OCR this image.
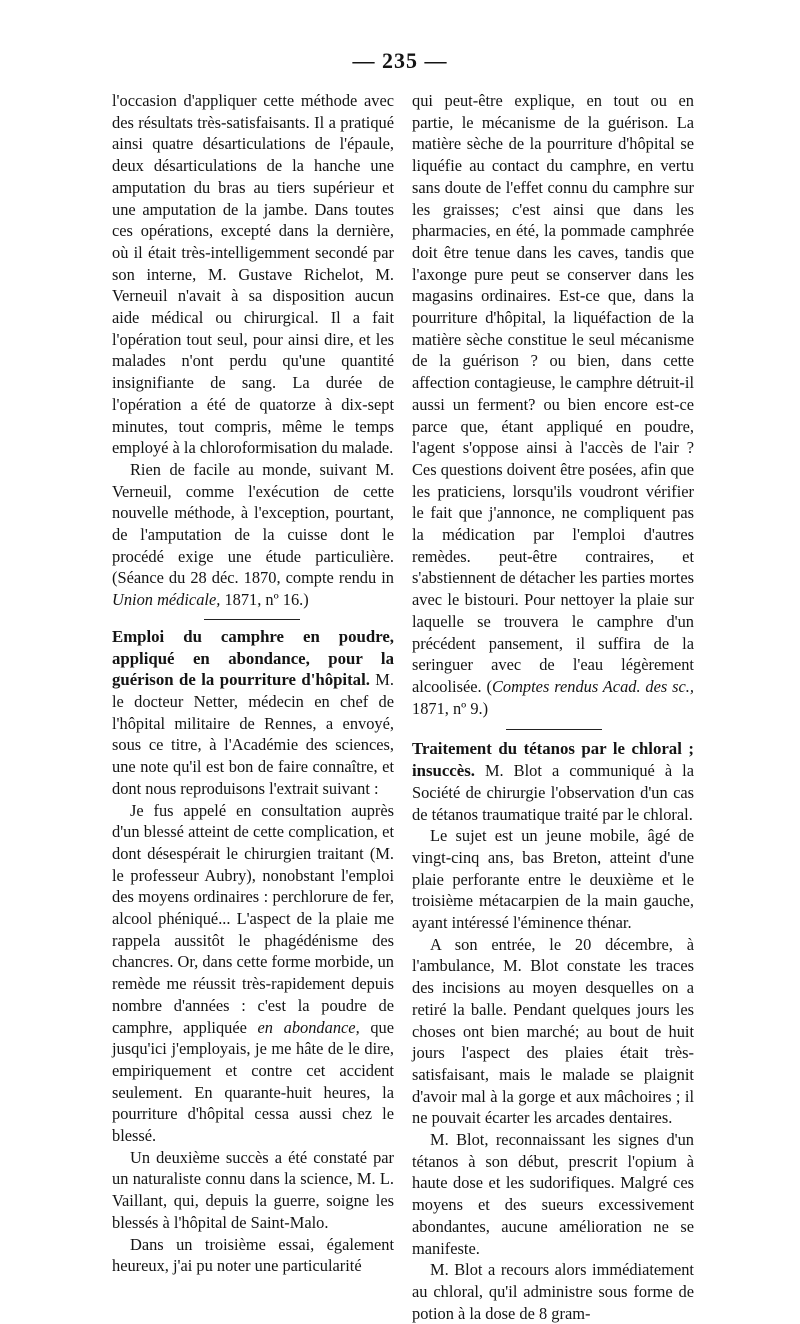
— 235 —

l'occasion d'appliquer cette méthode avec des résultats très-satisfaisants. Il a pratiqué ainsi quatre désarticulations de l'épaule, deux désarticulations de la hanche une amputation du bras au tiers supérieur et une amputation de la jambe. Dans toutes ces opérations, excepté dans la dernière, où il était très-intelligemment secondé par son interne, M. Gustave Richelot, M. Verneuil n'avait à sa disposition aucun aide médical ou chirurgical. Il a fait l'opération tout seul, pour ainsi dire, et les malades n'ont perdu qu'une quantité insignifiante de sang. La durée de l'opération a été de quatorze à dix-sept minutes, tout compris, même le temps employé à la chloroformisation du malade.

Rien de facile au monde, suivant M. Verneuil, comme l'exécution de cette nouvelle méthode, à l'exception, pourtant, de l'amputation de la cuisse dont le procédé exige une étude particulière. (Séance du 28 déc. 1870, compte rendu in Union médicale, 1871, nº 16.)

Emploi du camphre en poudre, appliqué en abondance, pour la guérison de la pourriture d'hôpital. M. le docteur Netter, médecin en chef de l'hôpital militaire de Rennes, a envoyé, sous ce titre, à l'Académie des sciences, une note qu'il est bon de faire connaître, et dont nous reproduisons l'extrait suivant :

Je fus appelé en consultation auprès d'un blessé atteint de cette complication, et dont désespérait le chirurgien traitant (M. le professeur Aubry), nonobstant l'emploi des moyens ordinaires : perchlorure de fer, alcool phéniqué... L'aspect de la plaie me rappela aussitôt le phagédénisme des chancres. Or, dans cette forme morbide, un remède me réussit très-rapidement depuis nombre d'années : c'est la poudre de camphre, appliquée en abondance, que jusqu'ici j'employais, je me hâte de le dire, empiriquement et contre cet accident seulement. En quarante-huit heures, la pourriture d'hôpital cessa aussi chez le blessé.

Un deuxième succès a été constaté par un naturaliste connu dans la science, M. L. Vaillant, qui, depuis la guerre, soigne les blessés à l'hôpital de Saint-Malo.

Dans un troisième essai, également heureux, j'ai pu noter une particularité

qui peut-être explique, en tout ou en partie, le mécanisme de la guérison. La matière sèche de la pourriture d'hôpital se liquéfie au contact du camphre, en vertu sans doute de l'effet connu du camphre sur les graisses; c'est ainsi que dans les pharmacies, en été, la pommade camphrée doit être tenue dans les caves, tandis que l'axonge pure peut se conserver dans les magasins ordinaires. Est-ce que, dans la pourriture d'hôpital, la liquéfaction de la matière sèche constitue le seul mécanisme de la guérison ? ou bien, dans cette affection contagieuse, le camphre détruit-il aussi un ferment? ou bien encore est-ce parce que, étant appliqué en poudre, l'agent s'oppose ainsi à l'accès de l'air ? Ces questions doivent être posées, afin que les praticiens, lorsqu'ils voudront vérifier le fait que j'annonce, ne compliquent pas la médication par l'emploi d'autres remèdes. peut-être contraires, et s'abstiennent de détacher les parties mortes avec le bistouri. Pour nettoyer la plaie sur laquelle se trouvera le camphre d'un précédent pansement, il suffira de la seringuer avec de l'eau légèrement alcoolisée. (Comptes rendus Acad. des sc., 1871, nº 9.)

Traitement du tétanos par le chloral ; insuccès. M. Blot a communiqué à la Société de chirurgie l'observation d'un cas de tétanos traumatique traité par le chloral.

Le sujet est un jeune mobile, âgé de vingt-cinq ans, bas Breton, atteint d'une plaie perforante entre le deuxième et le troisième métacarpien de la main gauche, ayant intéressé l'éminence thénar.

A son entrée, le 20 décembre, à l'ambulance, M. Blot constate les traces des incisions au moyen desquelles on a retiré la balle. Pendant quelques jours les choses ont bien marché; au bout de huit jours l'aspect des plaies était très-satisfaisant, mais le malade se plaignit d'avoir mal à la gorge et aux mâchoires ; il ne pouvait écarter les arcades dentaires.

M. Blot, reconnaissant les signes d'un tétanos à son début, prescrit l'opium à haute dose et les sudorifiques. Malgré ces moyens et des sueurs excessivement abondantes, aucune amélioration ne se manifeste.

M. Blot a recours alors immédiatement au chloral, qu'il administre sous forme de potion à la dose de 8 gram-
